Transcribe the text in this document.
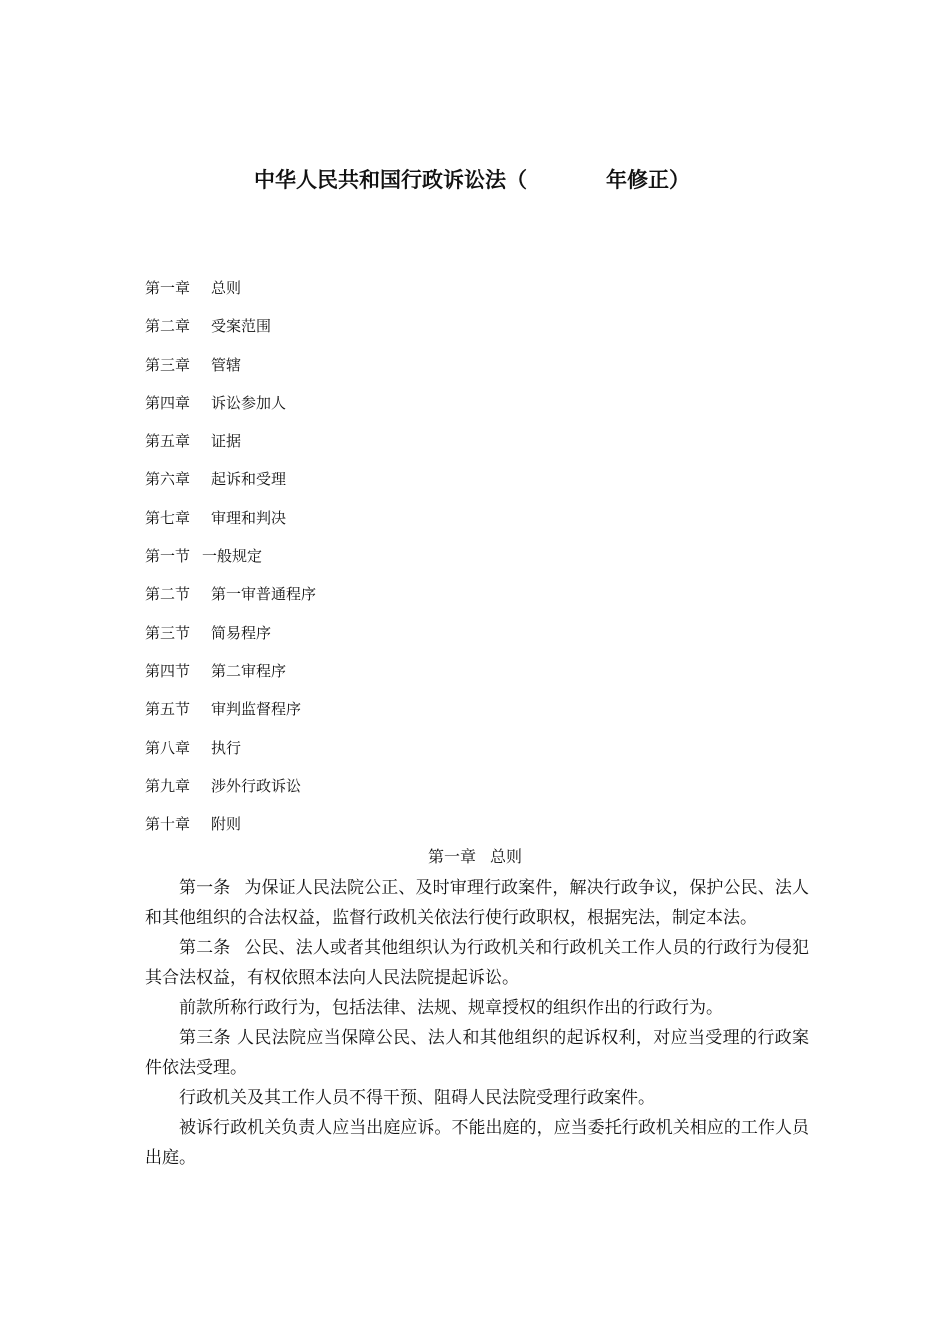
中华人民共和国行政诉讼法（	年修正）
第一章 总则
第二章 受案范围
第三章 管辖
第四章 诉讼参加人
第五章 证据
第六章 起诉和受理
第七章 审理和判决
第一节 一般规定
第二节 第一审普通程序
第三节 简易程序
第四节 第二审程序
第五节 审判监督程序
第八章 执行
第九章 涉外行政诉讼
第十章 附则
第一章 总则

第一条 为保证人民法院公正、及时审理行政案件，解决行政争议，保护公民、法人和其他组织的合法权益，监督行政机关依法行使行政职权，根据宪法，制定本法。

第二条 公民、法人或者其他组织认为行政机关和行政机关工作人员的行政行为侵犯其合法权益，有权依照本法向人民法院提起诉讼。

前款所称行政行为，包括法律、法规、规章授权的组织作出的行政行为。

第三条 人民法院应当保障公民、法人和其他组织的起诉权利，对应当受理的行政案件依法受理。

行政机关及其工作人员不得干预、阻碍人民法院受理行政案件。

被诉行政机关负责人应当出庭应诉。不能出庭的，应当委托行政机关相应的工作人员出庭。
